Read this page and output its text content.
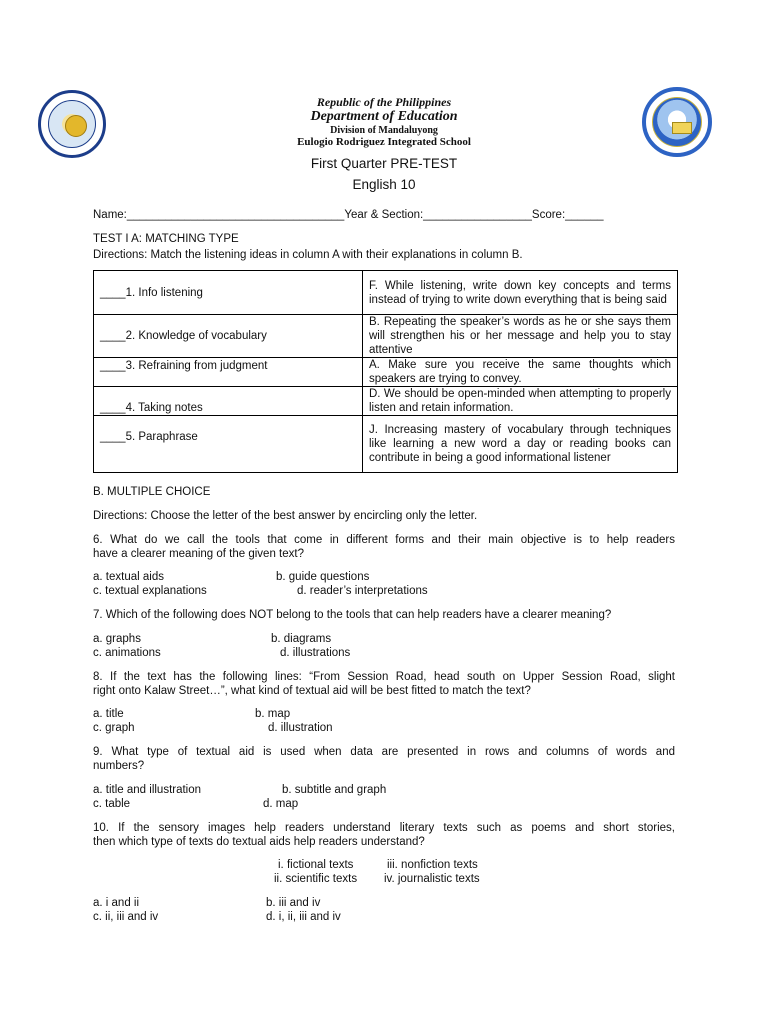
Republic of the Philippines
Department of Education
Division of Mandaluyong
Eulogio Rodriguez Integrated School
First Quarter PRE-TEST
English 10
Name:__________________________________Year & Section:_________________Score:______
TEST I A: MATCHING TYPE
Directions: Match the listening ideas in column A with their explanations in column B.
____1. Info listening	F. While listening, write down key concepts and terms instead of trying to write down everything that is being said
____2. Knowledge of vocabulary	B. Repeating the speaker’s words as he or she says them will strengthen his or her message and help you to stay attentive
____3. Refraining from judgment	A. Make sure you receive the same thoughts which speakers are trying to convey.
____4. Taking notes	D. We should be open-minded when attempting to properly listen and retain information.
____5. Paraphrase	J. Increasing mastery of vocabulary through techniques like learning a new word a day or reading books can contribute in being a good informational listener
B. MULTIPLE CHOICE
Directions: Choose the letter of the best answer by encircling only the letter.
6. What do we call the tools that come in different forms and their main objective is to help readers
have a clearer meaning of the given text?
a. textual aids	b. guide questions
c. textual explanations	d. reader’s interpretations
7. Which of the following does NOT belong to the tools that can help readers have a clearer meaning?
a. graphs	b. diagrams
c. animations	d. illustrations
8. If the text has the following lines: “From Session Road, head south on Upper Session Road, slight
right onto Kalaw Street…”, what kind of textual aid will be best fitted to match the text?
a. title	b. map
c. graph	d. illustration
9. What type of textual aid is used when data are presented in rows and columns of words and
numbers?
a. title and illustration	b. subtitle and graph
c. table	d. map
10. If the sensory images help readers understand literary texts such as poems and short stories,
then which type of texts do textual aids help readers understand?
i. fictional texts	iii. nonfiction texts
ii. scientific texts iv. journalistic texts
a. i and ii	b. iii and iv
c. ii, iii and iv	d. i, ii, iii and iv
